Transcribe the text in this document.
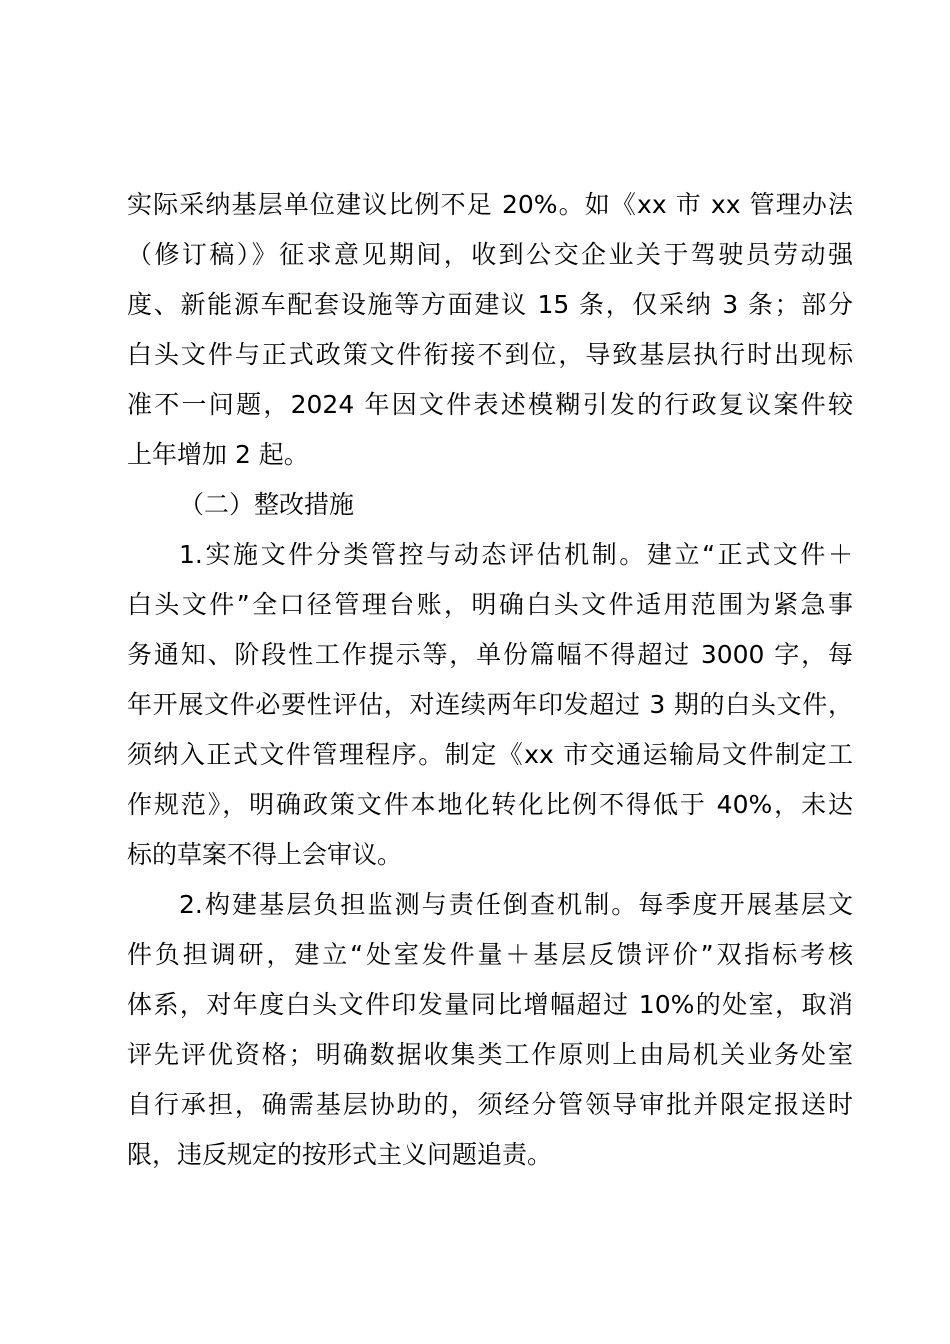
实际采纳基层单位建议比例不足 20%。如《xx 市 xx 管理办法
（修订稿）》征求意见期间，收到公交企业关于驾驶员劳动强
度、新能源车配套设施等方面建议 15 条，仅采纳 3 条；部分
白头文件与正式政策文件衔接不到位，导致基层执行时出现标
准不一问题，2024 年因文件表述模糊引发的行政复议案件较
上年增加 2 起。
（二）整改措施
1.实施文件分类管控与动态评估机制。建立“正式文件＋
白头文件”全口径管理台账，明确白头文件适用范围为紧急事
务通知、阶段性工作提示等，单份篇幅不得超过 3000 字，每
年开展文件必要性评估，对连续两年印发超过 3 期的白头文件，
须纳入正式文件管理程序。制定《xx 市交通运输局文件制定工
作规范》，明确政策文件本地化转化比例不得低于 40%，未达
标的草案不得上会审议。
2.构建基层负担监测与责任倒查机制。每季度开展基层文
件负担调研，建立“处室发件量＋基层反馈评价”双指标考核
体系，对年度白头文件印发量同比增幅超过 10%的处室，取消
评先评优资格；明确数据收集类工作原则上由局机关业务处室
自行承担，确需基层协助的，须经分管领导审批并限定报送时
限，违反规定的按形式主义问题追责。
